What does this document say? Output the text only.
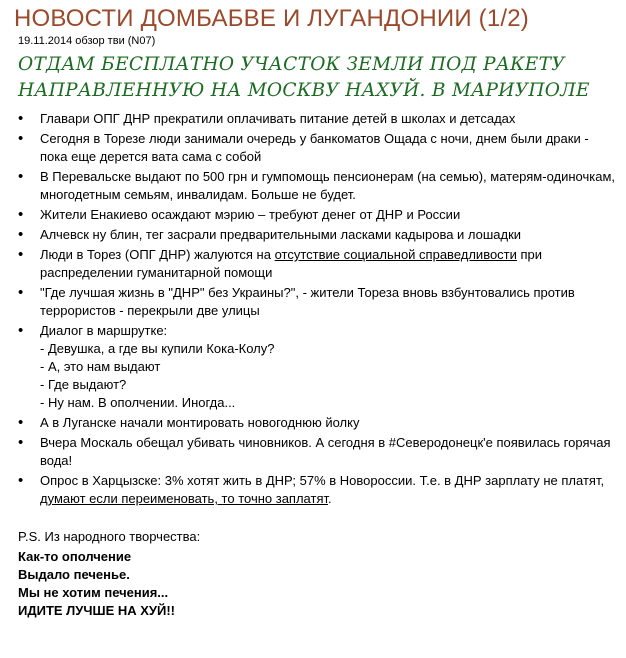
НОВОСТИ ДОМБАБВЕ И ЛУГАНДОНИИ (1/2)
19.11.2014 обзор тви (N07)
ОТДАМ БЕСПЛАТНО УЧАСТОК ЗЕМЛИ ПОД РАКЕТУ
НАПРАВЛЕННУЮ НА МОСКВУ НАХУЙ. В МАРИУПОЛЕ
• Главари ОПГ ДНР прекратили оплачивать питание детей в школах и детсадах
• Сегодня в Торезе люди занимали очередь у банкоматов Ощада с ночи, днем были драки - пока еще дерется вата сама с собой
• В Перевальске выдают по 500 грн и гумпомощь пенсионерам (на семью), матерям-одиночкам, многодетным семьям, инвалидам. Больше не будет.
• Жители Енакиево осаждают мэрию – требуют денег от ДНР и России
• Алчевск ну блин, тег засрали предварительными ласками кадырова и лошадки
• Люди в Торез (ОПГ ДНР) жалуются на отсутствие социальной справедливости при распределении гуманитарной помощи
• "Где лучшая жизнь в "ДНР" без Украины?", - жители Тореза вновь взбунтовались против террористов - перекрыли две улицы
• Диалог в маршрутке:
- Девушка, а где вы купили Кока-Колу?
- А, это нам выдают
- Где выдают?
- Ну нам. В ополчении. Иногда...
• А в Луганске начали монтировать новогоднюю йолку
• Вчера Москаль обещал убивать чиновников. А сегодня в #Северодонецк'е появилась горячая вода!
• Опрос в Харцызске: 3% хотят жить в ДНР; 57% в Новороссии. Т.е. в ДНР зарплату не платят, думают если переименовать, то точно заплатят.
P.S. Из народного творчества:
Как-то ополчение
Выдало печенье.
Мы не хотим печения...
ИДИТЕ ЛУЧШЕ НА ХУЙ!!
